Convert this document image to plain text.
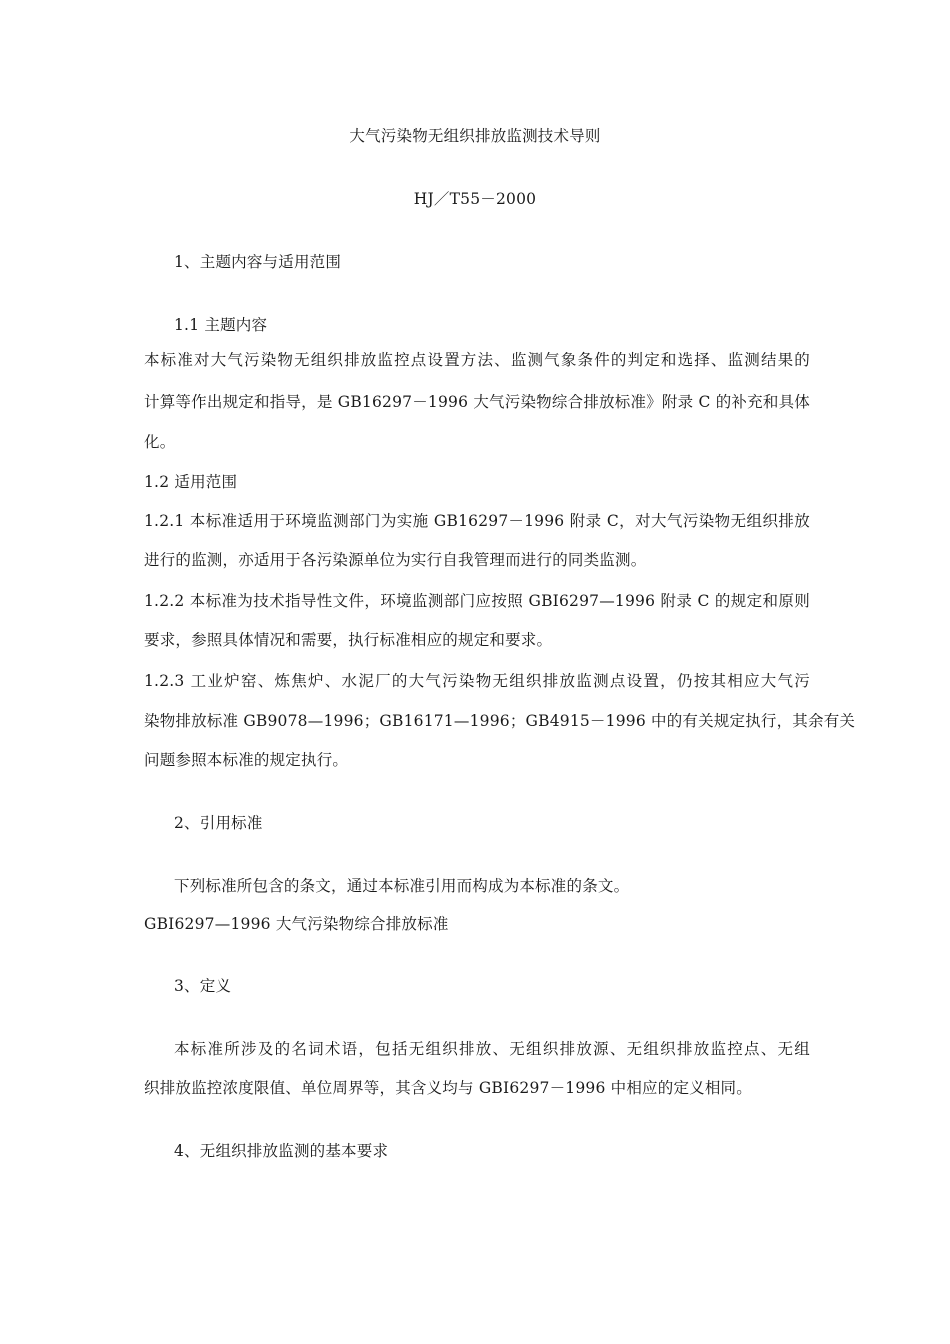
大气污染物无组织排放监测技术导则
HJ／T55－2000
1、主题内容与适用范围
1.1 主题内容
本标准对大气污染物无组织排放监控点设置方法、监测气象条件的判定和选择、监测结果的
计算等作出规定和指导，是 GB16297－1996 大气污染物综合排放标准》附录 C 的补充和具体
化。
1.2 适用范围
1.2.1 本标准适用于环境监测部门为实施 GB16297－1996 附录 C，对大气污染物无组织排放
进行的监测，亦适用于各污染源单位为实行自我管理而进行的同类监测。
1.2.2 本标准为技术指导性文件，环境监测部门应按照 GBI6297—1996 附录 C 的规定和原则
要求，参照具体情况和需要，执行标准相应的规定和要求。
1.2.3 工业炉窑、炼焦炉、水泥厂的大气污染物无组织排放监测点设置，仍按其相应大气污
染物排放标准 GB9078—1996；GB16171—1996；GB4915－1996 中的有关规定执行，其余有关
问题参照本标准的规定执行。
2、引用标准
下列标准所包含的条文，通过本标准引用而构成为本标准的条文。
GBI6297—1996 大气污染物综合排放标准
3、定义
本标准所涉及的名词术语，包括无组织排放、无组织排放源、无组织排放监控点、无组
织排放监控浓度限值、单位周界等，其含义均与 GBI6297－1996 中相应的定义相同。
4、无组织排放监测的基本要求
